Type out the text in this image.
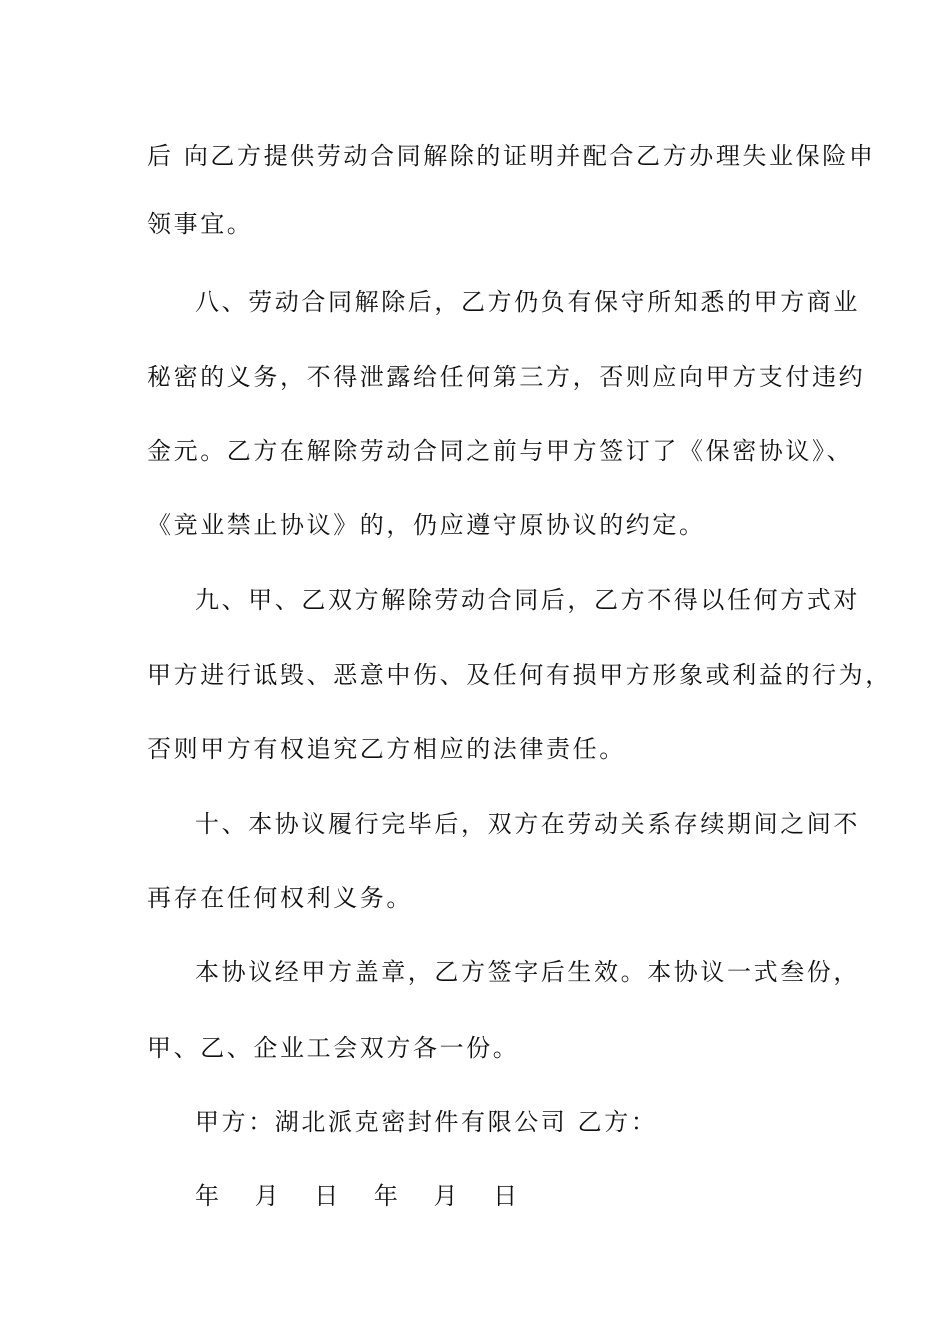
后 向乙方提供劳动合同解除的证明并配合乙方办理失业保险申
领事宜。
八、劳动合同解除后，乙方仍负有保守所知悉的甲方商业
秘密的义务，不得泄露给任何第三方，否则应向甲方支付违约
金元。乙方在解除劳动合同之前与甲方签订了《保密协议》、
《竞业禁止协议》的，仍应遵守原协议的约定。
九、甲、乙双方解除劳动合同后，乙方不得以任何方式对
甲方进行诋毁、恶意中伤、及任何有损甲方形象或利益的行为，
否则甲方有权追究乙方相应的法律责任。
十、本协议履行完毕后，双方在劳动关系存续期间之间不
再存在任何权利义务。
本协议经甲方盖章，乙方签字后生效。本协议一式叁份，
甲、乙、企业工会双方各一份。
甲方：湖北派克密封件有限公司 乙方：
年 月 日 年 月 日
